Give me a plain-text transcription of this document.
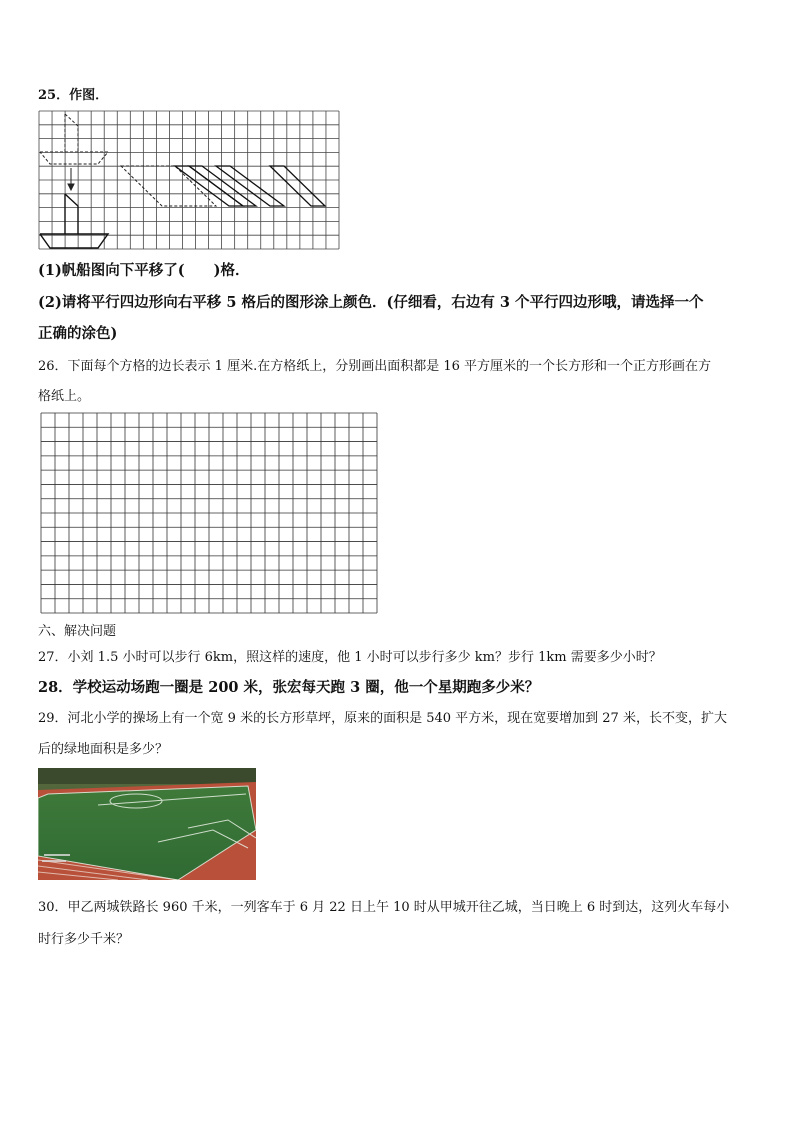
25．作图．
(1)帆船图向下平移了(　　)格．
(2)请将平行四边形向右平移 5 格后的图形涂上颜色．(仔细看，右边有 3 个平行四边形哦，请选择一个
正确的涂色)
26．下面每个方格的边长表示 1 厘米.在方格纸上，分别画出面积都是 16 平方厘米的一个长方形和一个正方形画在方
格纸上。
六、解决问题
27．小刘 1.5 小时可以步行 6km，照这样的速度，他 1 小时可以步行多少 km？步行 1km 需要多少小时？
28．学校运动场跑一圈是 200 米，张宏每天跑 3 圈，他一个星期跑多少米？
29．河北小学的操场上有一个宽 9 米的长方形草坪，原来的面积是 540 平方米，现在宽要增加到 27 米，长不变，扩大
后的绿地面积是多少？
30．甲乙两城铁路长 960 千米，一列客车于 6 月 22 日上午 10 时从甲城开往乙城，当日晚上 6 时到达，这列火车每小
时行多少千米？
